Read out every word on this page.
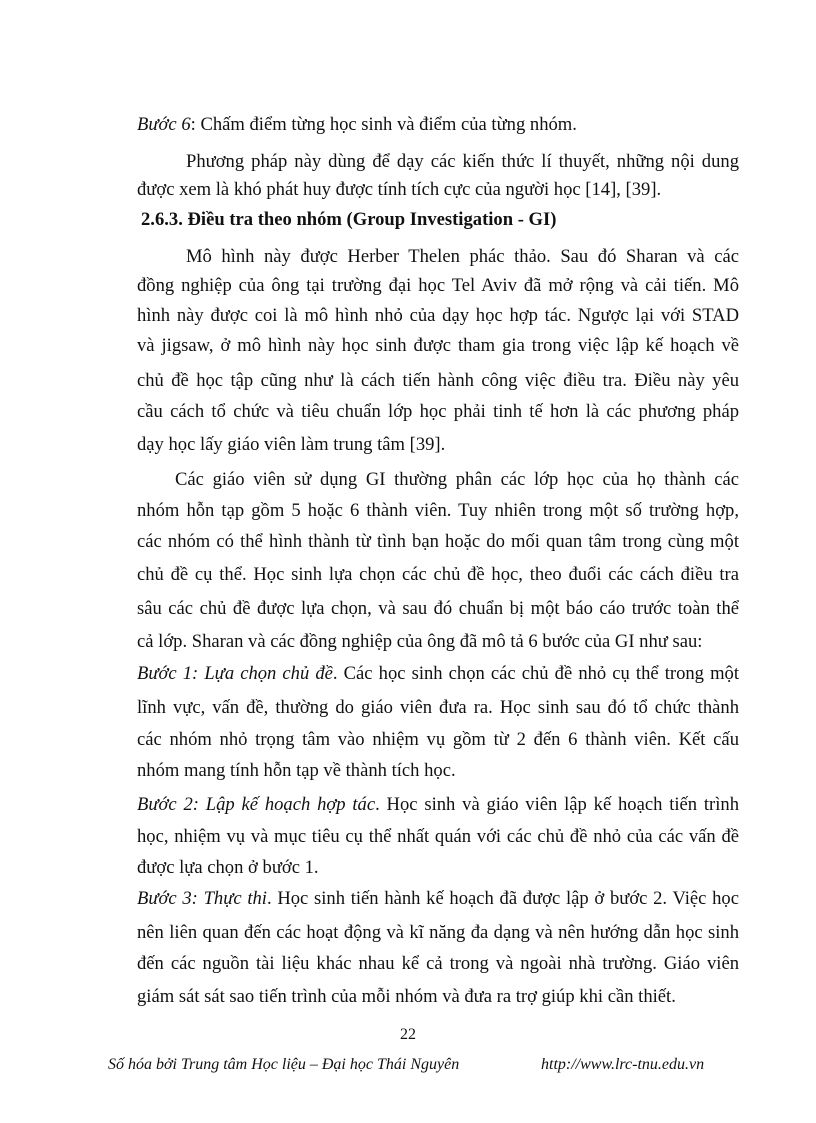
Bước 6: Chấm điểm từng học sinh và điểm của từng nhóm.
Phương pháp này dùng để dạy các kiến thức lí thuyết, những nội dung
được xem là khó phát huy được tính tích cực của người học [14], [39].
2.6.3. Điều tra theo nhóm (Group Investigation - GI)
Mô hình này được Herber Thelen phác thảo. Sau đó Sharan và các
đồng nghiệp của ông tại trường đại học Tel Aviv đã mở rộng và cải tiến. Mô
hình này được coi là mô hình nhỏ của dạy học hợp tác. Ngược lại với STAD
và jigsaw, ở mô hình này học sinh được tham gia trong việc lập kế hoạch về
chủ đề học tập cũng như là cách tiến hành công việc điều tra. Điều này yêu
cầu cách tổ chức và tiêu chuẩn lớp học phải tinh tế hơn là các phương pháp
dạy học lấy giáo viên làm trung tâm [39].
Các giáo viên sử dụng GI thường phân các lớp học của họ thành các
nhóm hỗn tạp gồm 5 hoặc 6 thành viên. Tuy nhiên trong một số trường hợp,
các nhóm có thể hình thành từ tình bạn hoặc do mối quan tâm trong cùng một
chủ đề cụ thể. Học sinh lựa chọn các chủ đề học, theo đuổi các cách điều tra
sâu các chủ đề được lựa chọn, và sau đó chuẩn bị một báo cáo trước toàn thể
cả lớp. Sharan và các đồng nghiệp của ông đã mô tả 6 bước của GI như sau:
Bước 1: Lựa chọn chủ đề. Các học sinh chọn các chủ đề nhỏ cụ thể trong một
lĩnh vực, vấn đề, thường do giáo viên đưa ra. Học sinh sau đó tổ chức thành
các nhóm nhỏ trọng tâm vào nhiệm vụ gồm từ 2 đến 6 thành viên. Kết cấu
nhóm mang tính hỗn tạp về thành tích học.
Bước 2: Lập kế hoạch hợp tác. Học sinh và giáo viên lập kế hoạch tiến trình
học, nhiệm vụ và mục tiêu cụ thể nhất quán với các chủ đề nhỏ của các vấn đề
được lựa chọn ở bước 1.
Bước 3: Thực thi. Học sinh tiến hành kế hoạch đã được lập ở bước 2. Việc học
nên liên quan đến các hoạt động và kĩ năng đa dạng và nên hướng dẫn học sinh
đến các nguồn tài liệu khác nhau kể cả trong và ngoài nhà trường. Giáo viên
giám sát sát sao tiến trình của mỗi nhóm và đưa ra trợ giúp khi cần thiết.
22
Số hóa bởi Trung tâm Học liệu – Đại học Thái Nguyên	http://www.lrc-tnu.edu.vn
